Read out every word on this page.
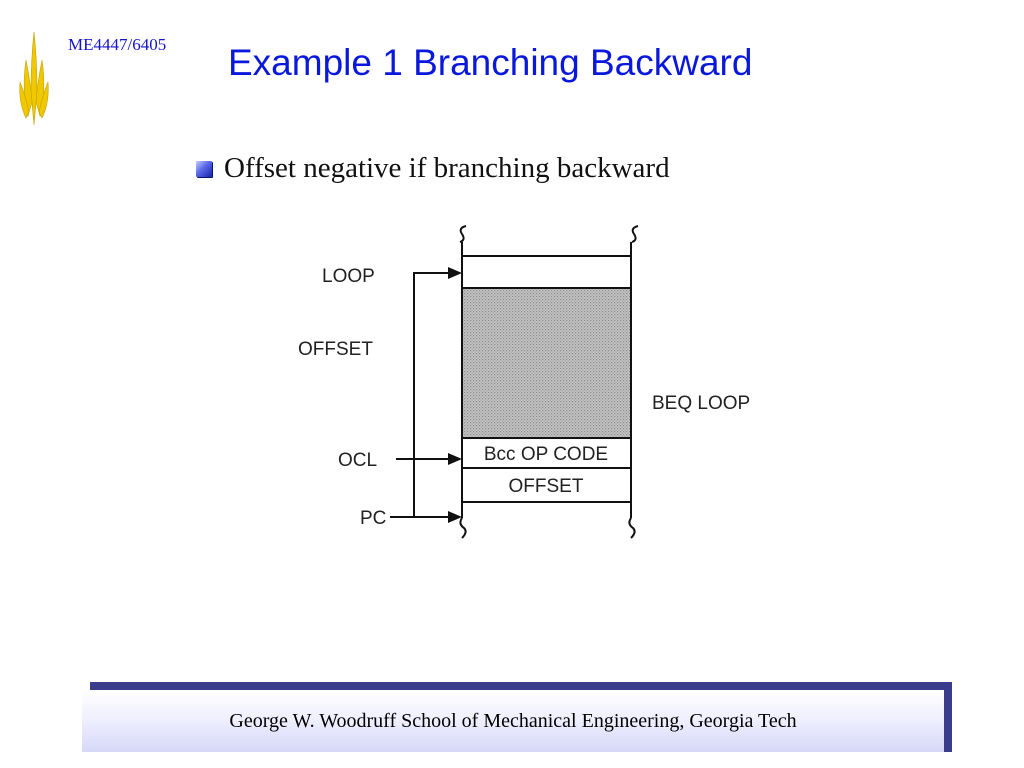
ME4447/6405 Example 1 Branching Backward
Offset negative if branching backward
Bcc OP CODE
OFFSET
LOOP
OFFSET
OCL
PC
BEQ LOOP
George W. Woodruff School of Mechanical Engineering, Georgia Tech
